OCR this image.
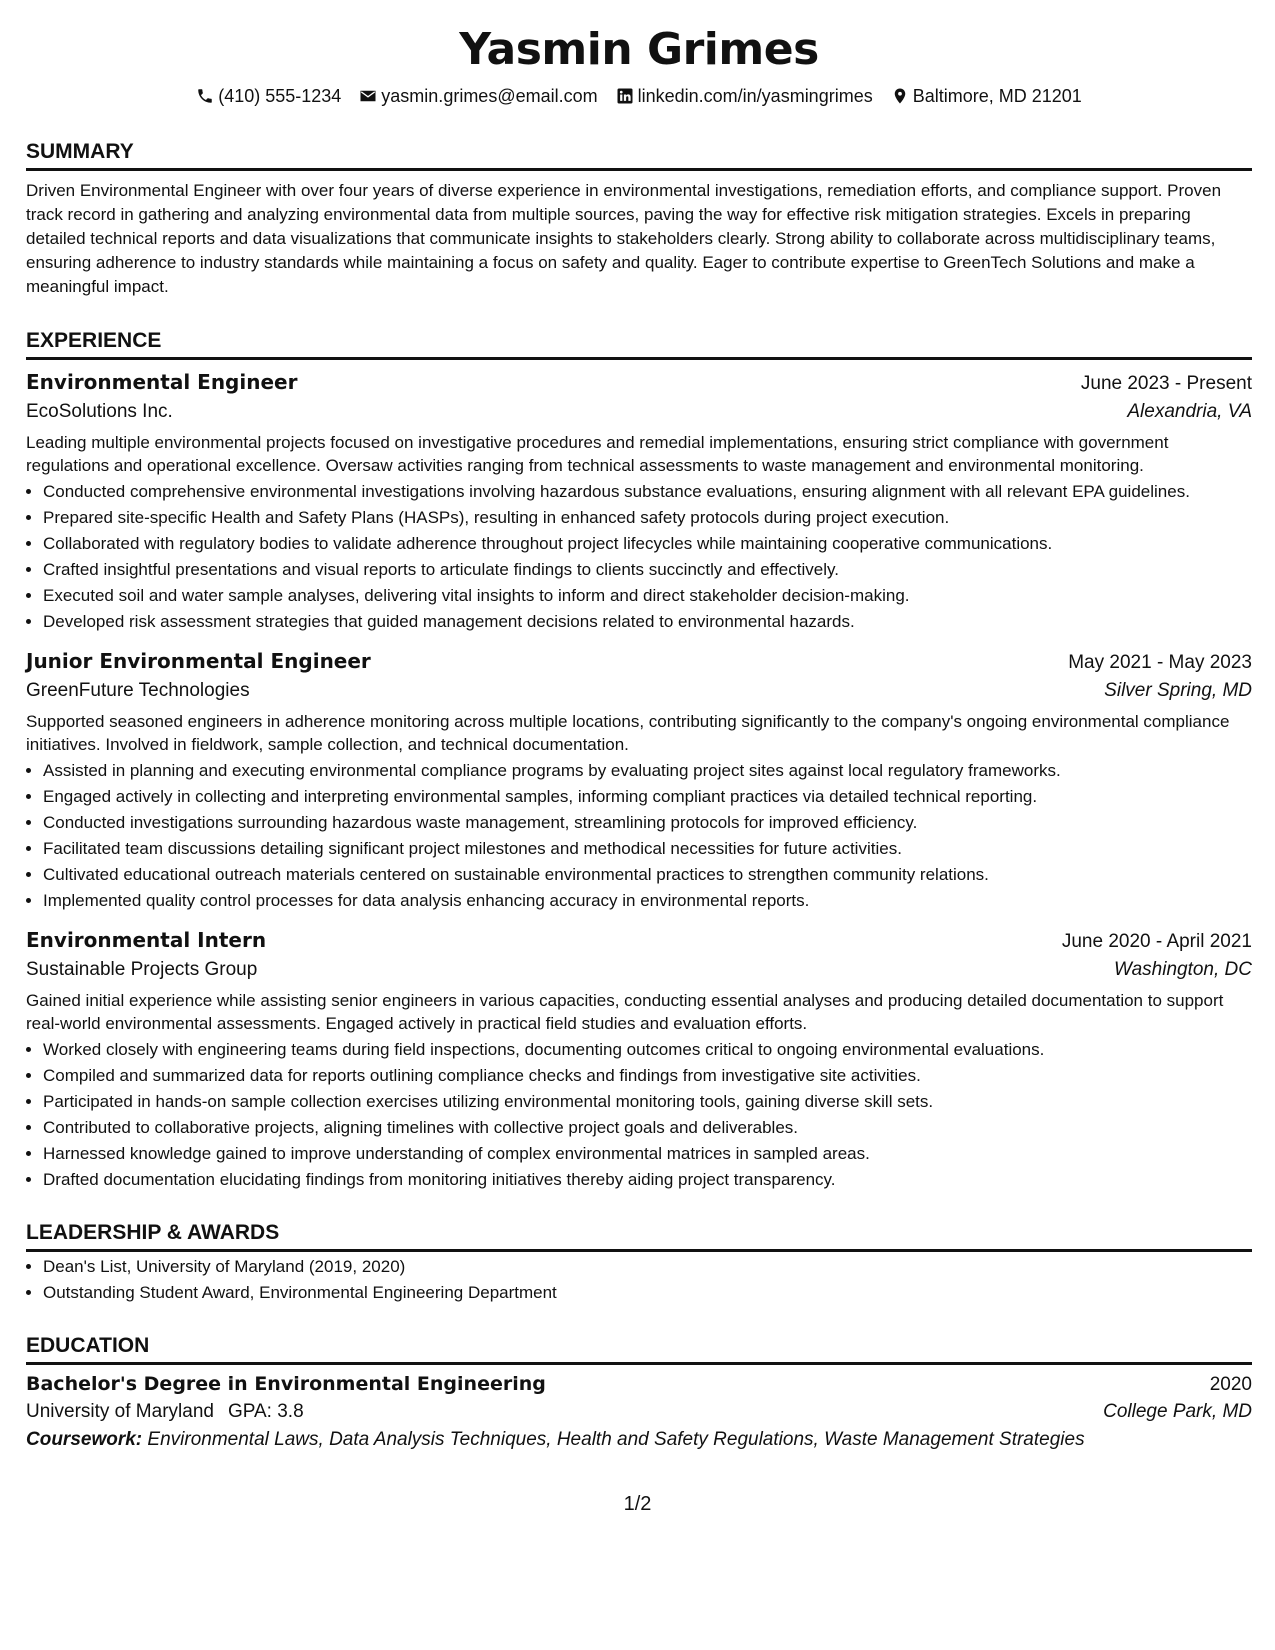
Yasmin Grimes
(410) 555-1234 yasmin.grimes@email.com linkedin.com/in/yasmingrimes Baltimore, MD 21201
SUMMARY
Driven Environmental Engineer with over four years of diverse experience in environmental investigations, remediation efforts, and compliance support. Proven track record in gathering and analyzing environmental data from multiple sources, paving the way for effective risk mitigation strategies. Excels in preparing detailed technical reports and data visualizations that communicate insights to stakeholders clearly. Strong ability to collaborate across multidisciplinary teams, ensuring adherence to industry standards while maintaining a focus on safety and quality. Eager to contribute expertise to GreenTech Solutions and make a meaningful impact.
EXPERIENCE
Environmental Engineer	June 2023 - Present
EcoSolutions Inc.	Alexandria, VA
Leading multiple environmental projects focused on investigative procedures and remedial implementations, ensuring strict compliance with government regulations and operational excellence. Oversaw activities ranging from technical assessments to waste management and environmental monitoring.
• Conducted comprehensive environmental investigations involving hazardous substance evaluations, ensuring alignment with all relevant EPA guidelines.
• Prepared site-specific Health and Safety Plans (HASPs), resulting in enhanced safety protocols during project execution.
• Collaborated with regulatory bodies to validate adherence throughout project lifecycles while maintaining cooperative communications.
• Crafted insightful presentations and visual reports to articulate findings to clients succinctly and effectively.
• Executed soil and water sample analyses, delivering vital insights to inform and direct stakeholder decision-making.
• Developed risk assessment strategies that guided management decisions related to environmental hazards.
Junior Environmental Engineer	May 2021 - May 2023
GreenFuture Technologies	Silver Spring, MD
Supported seasoned engineers in adherence monitoring across multiple locations, contributing significantly to the company's ongoing environmental compliance initiatives. Involved in fieldwork, sample collection, and technical documentation.
• Assisted in planning and executing environmental compliance programs by evaluating project sites against local regulatory frameworks.
• Engaged actively in collecting and interpreting environmental samples, informing compliant practices via detailed technical reporting.
• Conducted investigations surrounding hazardous waste management, streamlining protocols for improved efficiency.
• Facilitated team discussions detailing significant project milestones and methodical necessities for future activities.
• Cultivated educational outreach materials centered on sustainable environmental practices to strengthen community relations.
• Implemented quality control processes for data analysis enhancing accuracy in environmental reports.
Environmental Intern	June 2020 - April 2021
Sustainable Projects Group	Washington, DC
Gained initial experience while assisting senior engineers in various capacities, conducting essential analyses and producing detailed documentation to support real-world environmental assessments. Engaged actively in practical field studies and evaluation efforts.
• Worked closely with engineering teams during field inspections, documenting outcomes critical to ongoing environmental evaluations.
• Compiled and summarized data for reports outlining compliance checks and findings from investigative site activities.
• Participated in hands-on sample collection exercises utilizing environmental monitoring tools, gaining diverse skill sets.
• Contributed to collaborative projects, aligning timelines with collective project goals and deliverables.
• Harnessed knowledge gained to improve understanding of complex environmental matrices in sampled areas.
• Drafted documentation elucidating findings from monitoring initiatives thereby aiding project transparency.
LEADERSHIP & AWARDS
• Dean's List, University of Maryland (2019, 2020)
• Outstanding Student Award, Environmental Engineering Department
EDUCATION
Bachelor's Degree in Environmental Engineering	2020
University of Maryland GPA: 3.8	College Park, MD
Coursework: Environmental Laws, Data Analysis Techniques, Health and Safety Regulations, Waste Management Strategies
1/2
